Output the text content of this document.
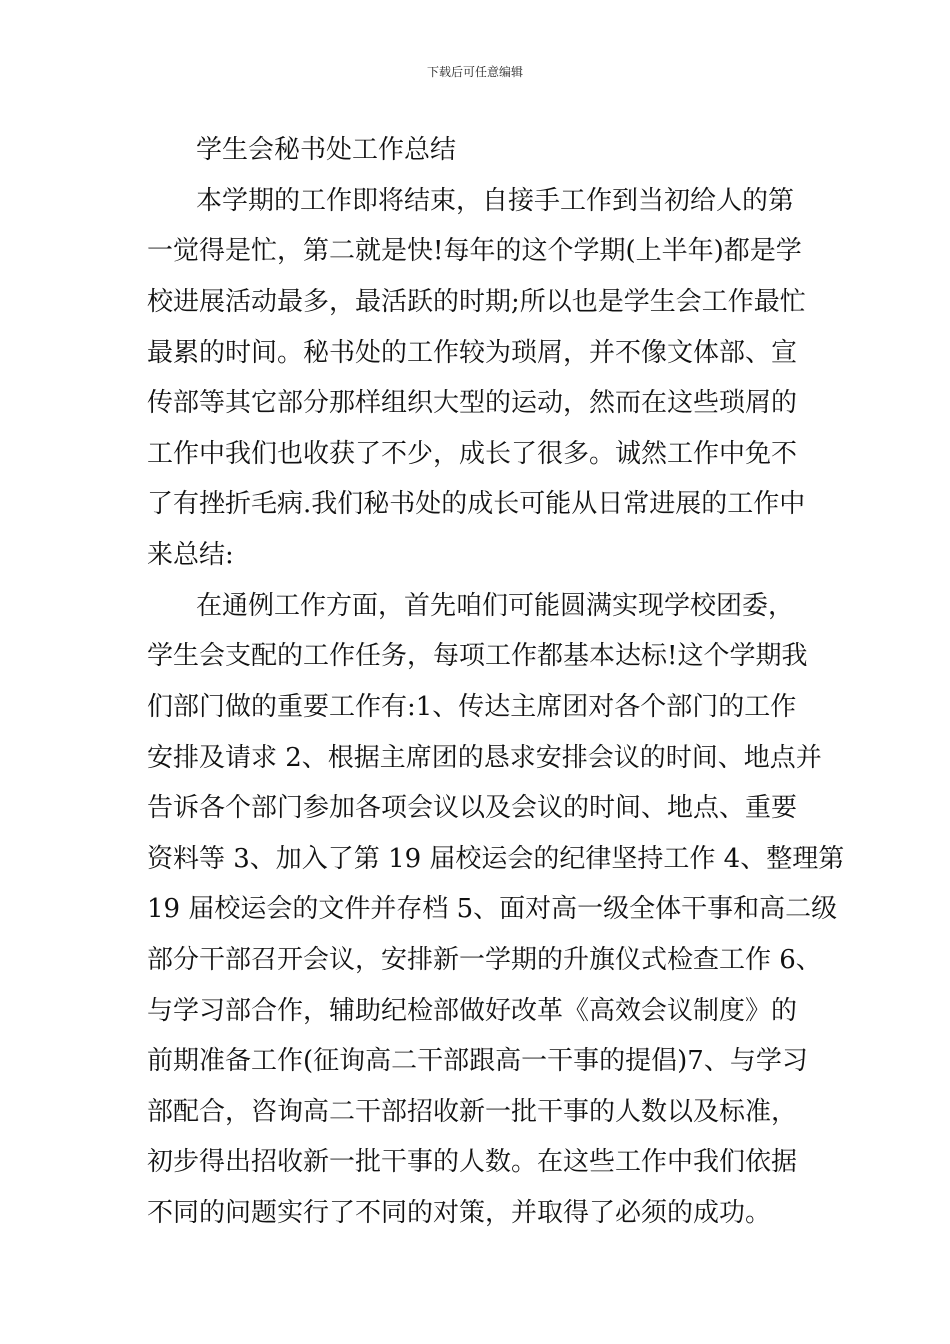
下载后可任意编辑
学生会秘书处工作总结
本学期的工作即将结束，自接手工作到当初给人的第
一觉得是忙，第二就是快!每年的这个学期(上半年)都是学
校进展活动最多，最活跃的时期;所以也是学生会工作最忙
最累的时间。秘书处的工作较为琐屑，并不像文体部、宣
传部等其它部分那样组织大型的运动，然而在这些琐屑的
工作中我们也收获了不少，成长了很多。诚然工作中免不
了有挫折毛病.我们秘书处的成长可能从日常进展的工作中
来总结:
在通例工作方面，首先咱们可能圆满实现学校团委，
学生会支配的工作任务，每项工作都基本达标!这个学期我
们部门做的重要工作有:1、传达主席团对各个部门的工作
安排及请求 2、根据主席团的恳求安排会议的时间、地点并
告诉各个部门参加各项会议以及会议的时间、地点、重要
资料等 3、加入了第 19 届校运会的纪律坚持工作 4、整理第
19 届校运会的文件并存档 5、面对高一级全体干事和高二级
部分干部召开会议，安排新一学期的升旗仪式检查工作 6、
与学习部合作，辅助纪检部做好改革《高效会议制度》的
前期准备工作(征询高二干部跟高一干事的提倡)7、与学习
部配合，咨询高二干部招收新一批干事的人数以及标准，
初步得出招收新一批干事的人数。在这些工作中我们依据
不同的问题实行了不同的对策，并取得了必须的成功。
